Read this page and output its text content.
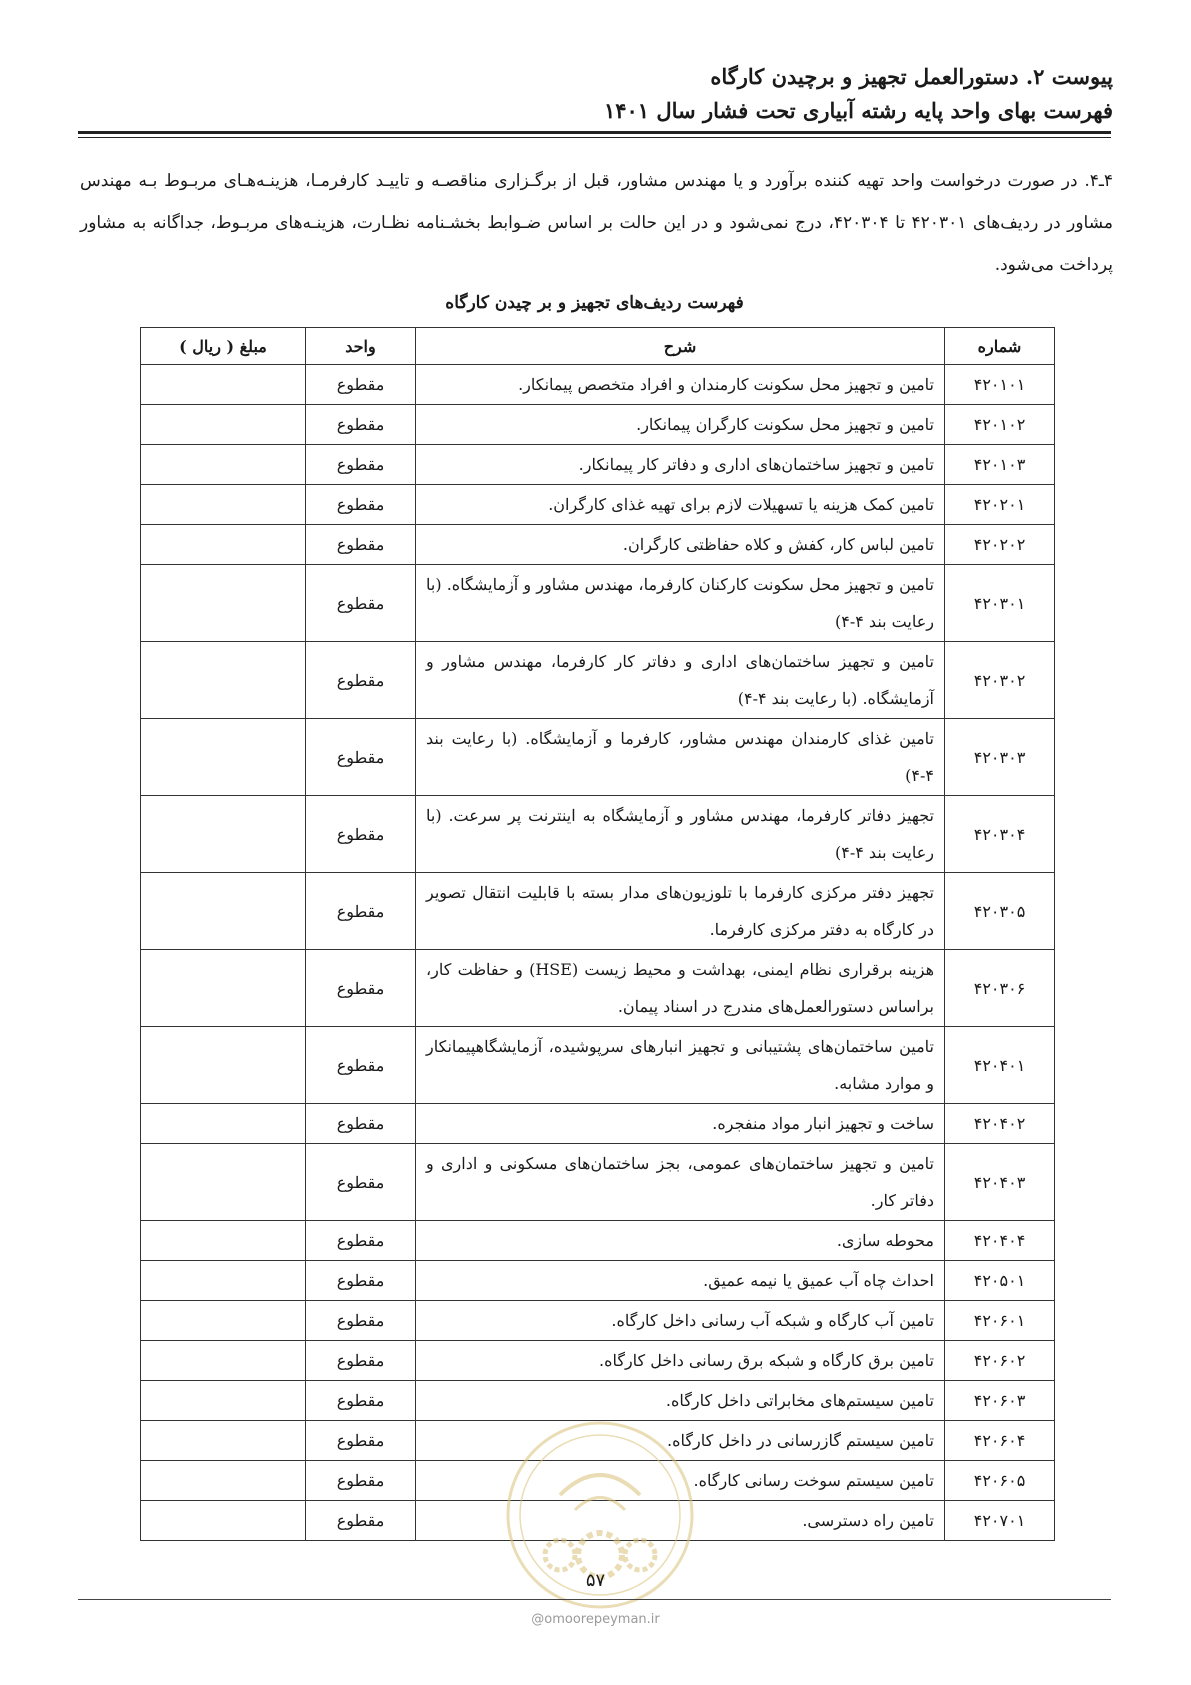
پیوست ۲. دستورالعمل تجهیز و برچیدن کارگاه
فهرست بهای واحد پایه رشته آبیاری تحت فشار سال ۱۴۰۱
۴ـ۴. در صورت درخواست واحد تهیه کننده برآورد و یا مهندس مشاور، قبل از برگـزاری مناقصـه و تاییـد کارفرمـا، هزینـه‌هـای مربـوط بـه مهندس مشاور در ردیف‌های ۴۲۰۳۰۱ تا ۴۲۰۳۰۴، درج نمی‌شود و در این حالت بر اساس ضـوابط بخشـنامه نظـارت، هزینـه‌های مربـوط، جداگانه به مشاور پرداخت می‌شود.
فهرست ردیف‌های تجهیز و بر چیدن کارگاه
شماره	شرح	واحد	مبلغ ( ریال )
۴۲۰۱۰۱	تامین و تجهیز محل سکونت کارمندان و افراد متخصص پیمانکار.	مقطوع	
۴۲۰۱۰۲	تامین و تجهیز محل سکونت کارگران پیمانکار.	مقطوع	
۴۲۰۱۰۳	تامین و تجهیز ساختمان‌های اداری و دفاتر کار پیمانکار.	مقطوع	
۴۲۰۲۰۱	تامین کمک هزینه یا تسهیلات لازم برای تهیه غذای کارگران.	مقطوع	
۴۲۰۲۰۲	تامین لباس کار، کفش و کلاه حفاظتی کارگران.	مقطوع	
۴۲۰۳۰۱	تامین و تجهیز محل سکونت کارکنان کارفرما، مهندس مشاور و آزمایشگاه. (با رعایت بند ۴-۴)	مقطوع	
۴۲۰۳۰۲	تامین و تجهیز ساختمان‌های اداری و دفاتر کار کارفرما، مهندس مشاور و آزمایشگاه. (با رعایت بند ۴-۴)	مقطوع	
۴۲۰۳۰۳	تامین غذای کارمندان مهندس مشاور، کارفرما و آزمایشگاه. (با رعایت بند ۴-۴)	مقطوع	
۴۲۰۳۰۴	تجهیز دفاتر کارفرما، مهندس مشاور و آزمایشگاه به اینترنت پر سرعت. (با رعایت بند ۴-۴)	مقطوع	
۴۲۰۳۰۵	تجهیز دفتر مرکزی کارفرما با تلوزیون‌های مدار بسته با قابلیت انتقال تصویر در کارگاه به دفتر مرکزی کارفرما.	مقطوع	
۴۲۰۳۰۶	هزینه برقراری نظام ایمنی، بهداشت و محیط زیست (HSE) و حفاظت کار، براساس دستورالعمل‌های مندرج در اسناد پیمان.	مقطوع	
۴۲۰۴۰۱	تامین ساختمان‌های پشتیبانی و تجهیز انبارهای سرپوشیده، آزمایشگاهپیمانکار و موارد مشابه.	مقطوع	
۴۲۰۴۰۲	ساخت و تجهیز انبار مواد منفجره.	مقطوع	
۴۲۰۴۰۳	تامین و تجهیز ساختمان‌های عمومی، بجز ساختمان‌های مسکونی و اداری و دفاتر کار.	مقطوع	
۴۲۰۴۰۴	محوطه سازی.	مقطوع	
۴۲۰۵۰۱	احداث چاه آب عمیق یا نیمه عمیق.	مقطوع	
۴۲۰۶۰۱	تامین آب کارگاه و شبکه آب رسانی داخل کارگاه.	مقطوع	
۴۲۰۶۰۲	تامین برق کارگاه و شبکه برق رسانی داخل کارگاه.	مقطوع	
۴۲۰۶۰۳	تامین سیستم‌های مخابراتی داخل کارگاه.	مقطوع	
۴۲۰۶۰۴	تامین سیستم گازرسانی در داخل کارگاه.	مقطوع	
۴۲۰۶۰۵	تامین سیستم سوخت رسانی کارگاه.	مقطوع	
۴۲۰۷۰۱	تامین راه دسترسی.	مقطوع	
۵۷
@omoorepeyman.ir
